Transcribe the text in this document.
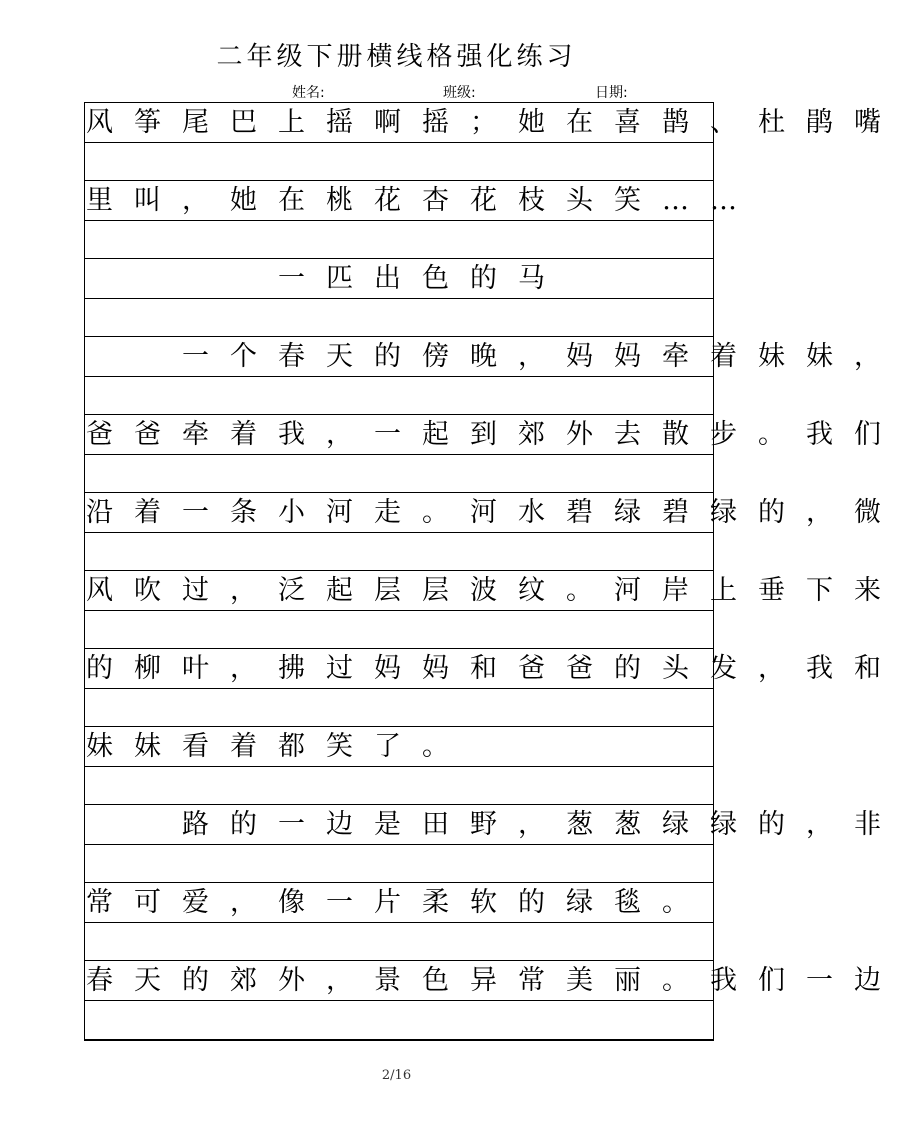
二年级下册横线格强化练习
姓名:	班级:	日期:
风筝尾巴上摇啊摇；她在喜鹊、杜鹃嘴
里叫，她在桃花杏花枝头笑……
　　　　一匹出色的马
　　一个春天的傍晚，妈妈牵着妹妹，
爸爸牵着我，一起到郊外去散步。我们
沿着一条小河走。河水碧绿碧绿的，微
风吹过，泛起层层波纹。河岸上垂下来
的柳叶，拂过妈妈和爸爸的头发，我和
妹妹看着都笑了。
　　路的一边是田野，葱葱绿绿的，非
常可爱，像一片柔软的绿毯。
春天的郊外，景色异常美丽。我们一边
2/16
